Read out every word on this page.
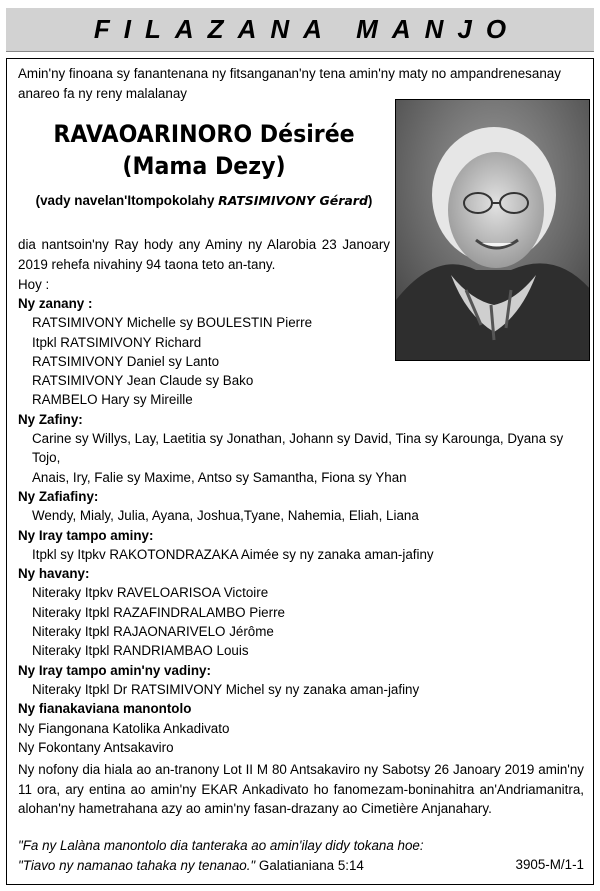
FILAZANA MANJO

Amin'ny finoana sy fanantenana ny fitsanganan'ny tena amin'ny maty no ampandrenesanay anareo fa ny reny malalanay

RAVAOARINORO Désirée
(Mama Dezy)
(vady navelan'Itompokolahy RATSIMIVONY Gérard)
dia nantsoin'ny Ray hody any Aminy ny Alarobia 23 Janoary 2019 rehefa nivahiny 94 taona teto an-tany.
Hoy :
Ny zanany :
RATSIMIVONY Michelle sy BOULESTIN Pierre
Itpkl RATSIMIVONY Richard
RATSIMIVONY Daniel sy Lanto
RATSIMIVONY Jean Claude sy Bako
RAMBELO Hary sy Mireille
Ny Zafiny:
Carine sy Willys, Lay, Laetitia sy Jonathan, Johann sy David, Tina sy Karounga, Dyana sy Tojo,
Anais, Iry, Falie sy Maxime, Antso sy Samantha, Fiona sy Yhan
Ny Zafiafiny:
Wendy, Mialy, Julia, Ayana, Joshua,Tyane, Nahemia, Eliah, Liana
Ny Iray tampo aminy:
Itpkl sy Itpkv RAKOTONDRAZAKA Aimée sy ny zanaka aman-jafiny
Ny havany:
Niteraky Itpkv RAVELOARISOA Victoire
Niteraky Itpkl RAZAFINDRALAMBO Pierre
Niteraky Itpkl RAJAONARIVELO Jérôme
Niteraky Itpkl RANDRIAMBAO Louis
Ny Iray tampo amin'ny vadiny:
Niteraky Itpkl Dr RATSIMIVONY Michel sy ny zanaka aman-jafiny
Ny fianakaviana manontolo
Ny Fiangonana Katolika Ankadivato
Ny Fokontany Antsakaviro

Ny nofony dia hiala ao an-tranony Lot II M 80 Antsakaviro ny Sabotsy 26 Janoary 2019 amin'ny 11 ora, ary entina ao amin'ny EKAR Ankadivato ho fanomezam-boninahitra an'Andriamanitra, alohan'ny hametrahana azy ao amin'ny fasan-drazany ao Cimetière Anjanahary.

"Fa ny Lalàna manontolo dia tanteraka ao amin'ilay didy tokana hoe:
"Tiavo ny namanao tahaka ny tenanao." Galatianiana 5:14	3905-M/1-1
